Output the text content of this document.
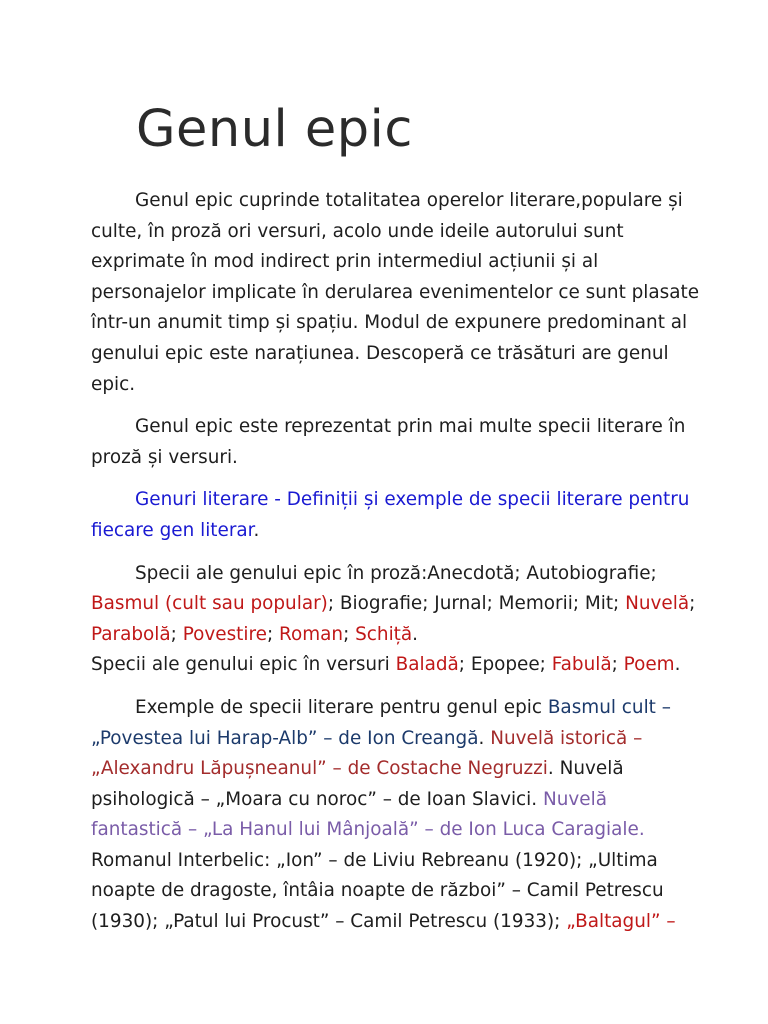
Genul epic

Genul epic cuprinde totalitatea operelor literare,populare și culte, în proză ori versuri, acolo unde ideile autorului sunt exprimate în mod indirect prin intermediul acțiunii și al personajelor implicate în derularea evenimentelor ce sunt plasate într-un anumit timp și spațiu. Modul de expunere predominant al genului epic este narațiunea. Descoperă ce trăsături are genul epic.

Genul epic este reprezentat prin mai multe specii literare în proză și versuri.

Genuri literare - Definiții și exemple de specii literare pentru fiecare gen literar.

Specii ale genului epic în proză:Anecdotă; Autobiografie; Basmul (cult sau popular); Biografie; Jurnal; Memorii; Mit; Nuvelă; Parabolă; Povestire; Roman; Schiță.

Specii ale genului epic în versuri Baladă; Epopee; Fabulă; Poem.

Exemple de specii literare pentru genul epic Basmul cult – „Povestea lui Harap-Alb” – de Ion Creangă. Nuvelă istorică – „Alexandru Lăpușneanul” – de Costache Negruzzi. Nuvelă psihologică – „Moara cu noroc” – de Ioan Slavici. Nuvelă fantastică – „La Hanul lui Mânjoală” – de Ion Luca Caragiale. Romanul Interbelic: „Ion” – de Liviu Rebreanu (1920); „Ultima noapte de dragoste, întâia noapte de război” – Camil Petrescu (1930); „Patul lui Procust” – Camil Petrescu (1933); „Baltagul” –
